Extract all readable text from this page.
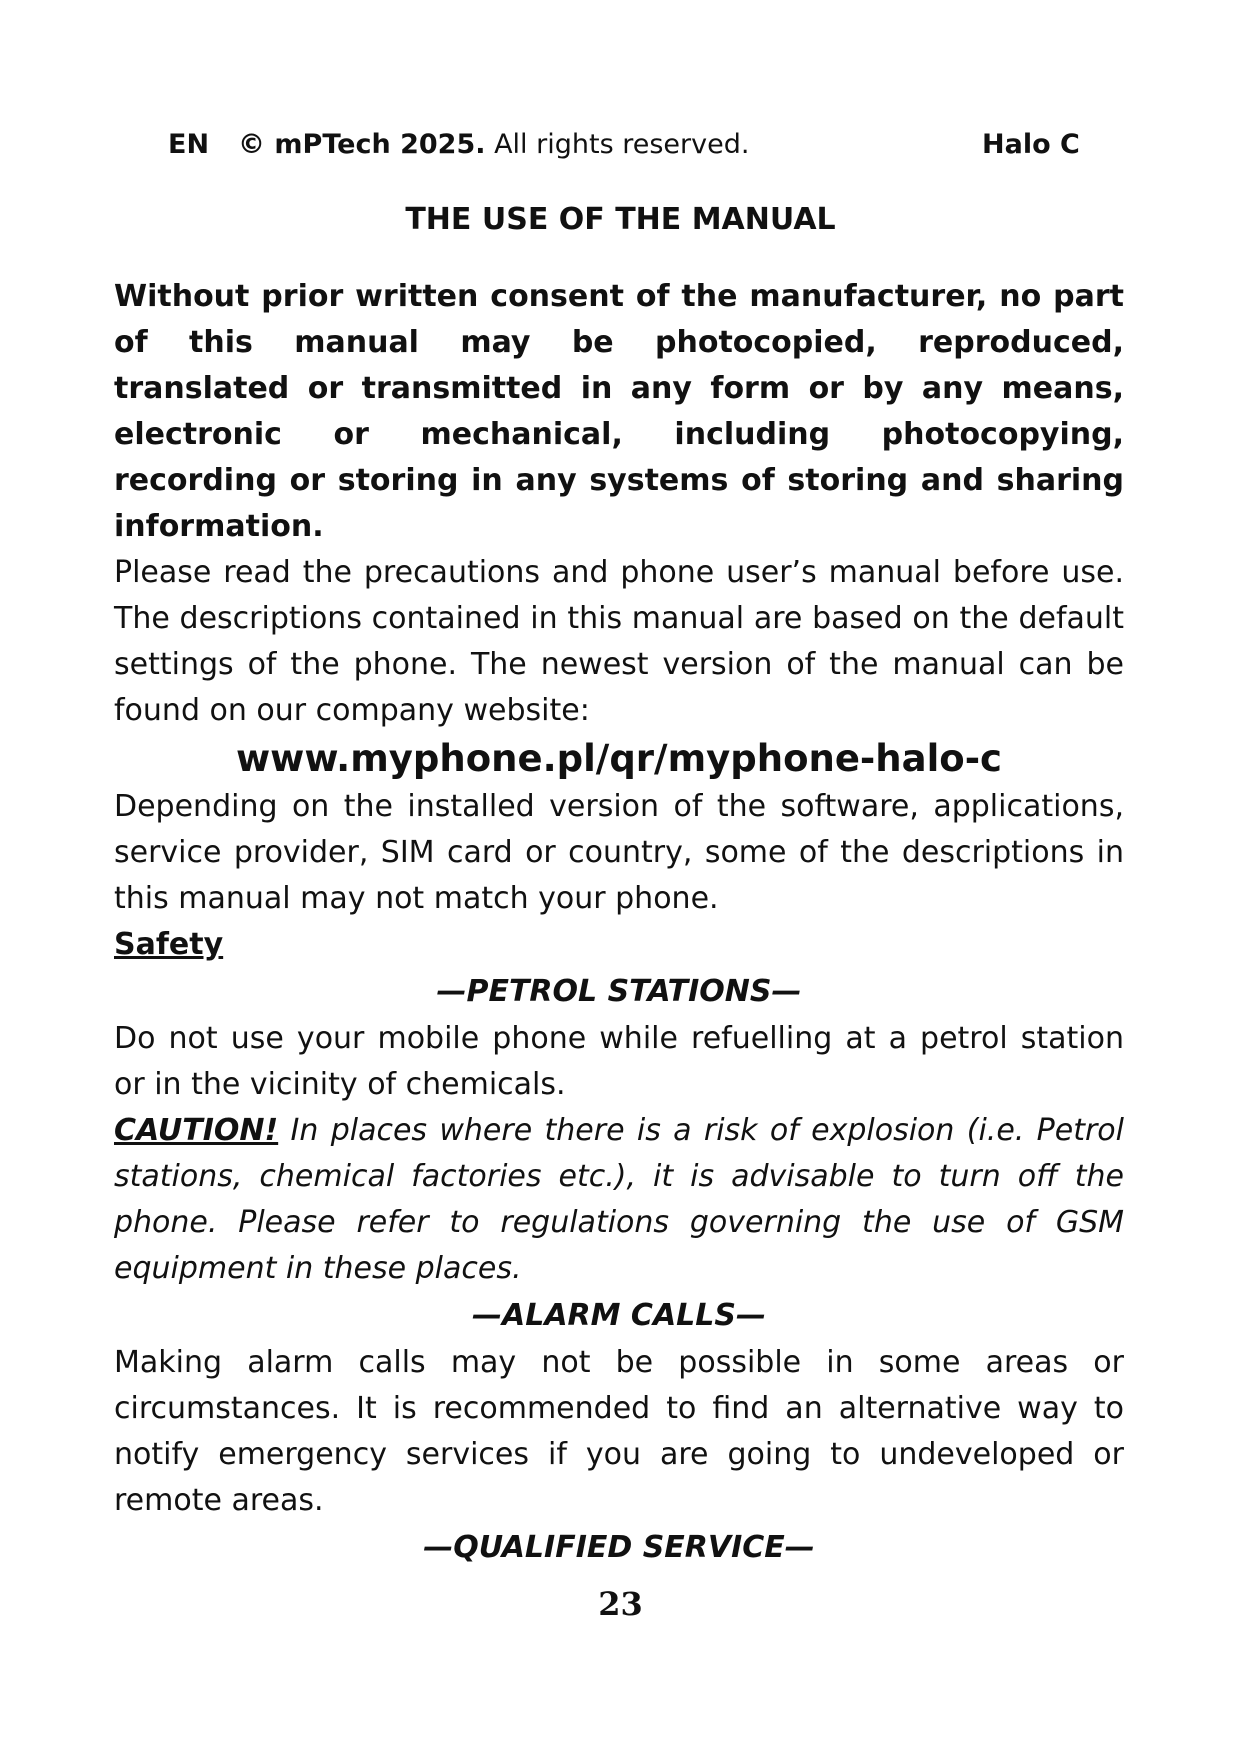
EN © mPTech 2025. All rights reserved.	Halo C
THE USE OF THE MANUAL

Without prior written consent of the manufacturer, no part of this manual may be photocopied, reproduced, translated or transmitted in any form or by any means, electronic or mechanical, including photocopying, recording or storing in any systems of storing and sharing information.

Please read the precautions and phone user’s manual before use. The descriptions contained in this manual are based on the default settings of the phone. The newest version of the manual can be found on our company website:

www.myphone.pl/qr/myphone-halo-c

Depending on the installed version of the software, applications, service provider, SIM card or country, some of the descriptions in this manual may not match your phone.

Safety

—PETROL STATIONS—

Do not use your mobile phone while refuelling at a petrol station or in the vicinity of chemicals.

CAUTION! In places where there is a risk of explosion (i.e. Petrol stations, chemical factories etc.), it is advisable to turn off the phone. Please refer to regulations governing the use of GSM equipment in these places.

—ALARM CALLS—

Making alarm calls may not be possible in some areas or circumstances. It is recommended to find an alternative way to notify emergency services if you are going to undeveloped or remote areas.

—QUALIFIED SERVICE—

23
